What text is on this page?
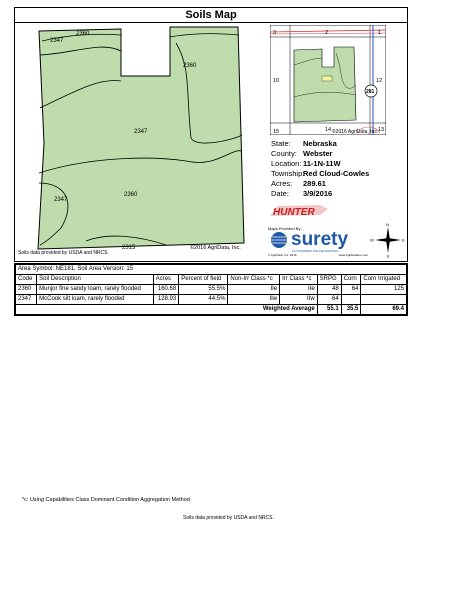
Soils Map
2347
2360
2360
2347
2360
2347
2315
Soils data provided by USDA and NRCS.
©2016 AgriData, Inc.
281
3	2	1
10	12
15	14	13
©2016 AgriData, Inc.
State:	Nebraska
County: Webster
Location: 11-1N-11W
Township:
Red Cloud-Cowles
Acres:	289.61
Date:	3/9/2016
HUNTER
Maps Provided By:
surety
CUSTOMIZED ONLINE MAPPING
© AgriData, Inc. 2016	www.AgriDataInc.com
N
S
E
W
Area Symbol: NE181, Soil Area Version: 15								
Code	Soil Description	Acres	Percent of field	Non-Irr Class *c	Irr Class *c	SRPG	Corn	Corn Irrigated
2360	Munjor fine sandy loam, rarely flooded	160.68	55.5%	IIe	IIe	48	64	125
2347	McCook silt loam, rarely flooded	128.93	44.5%	IIw	IIw	64		
Weighted Average						55.1	35.5	69.4
*c: Using Capabilities Class Dominant Condition Aggregation Method
Soils data provided by USDA and NRCS.
